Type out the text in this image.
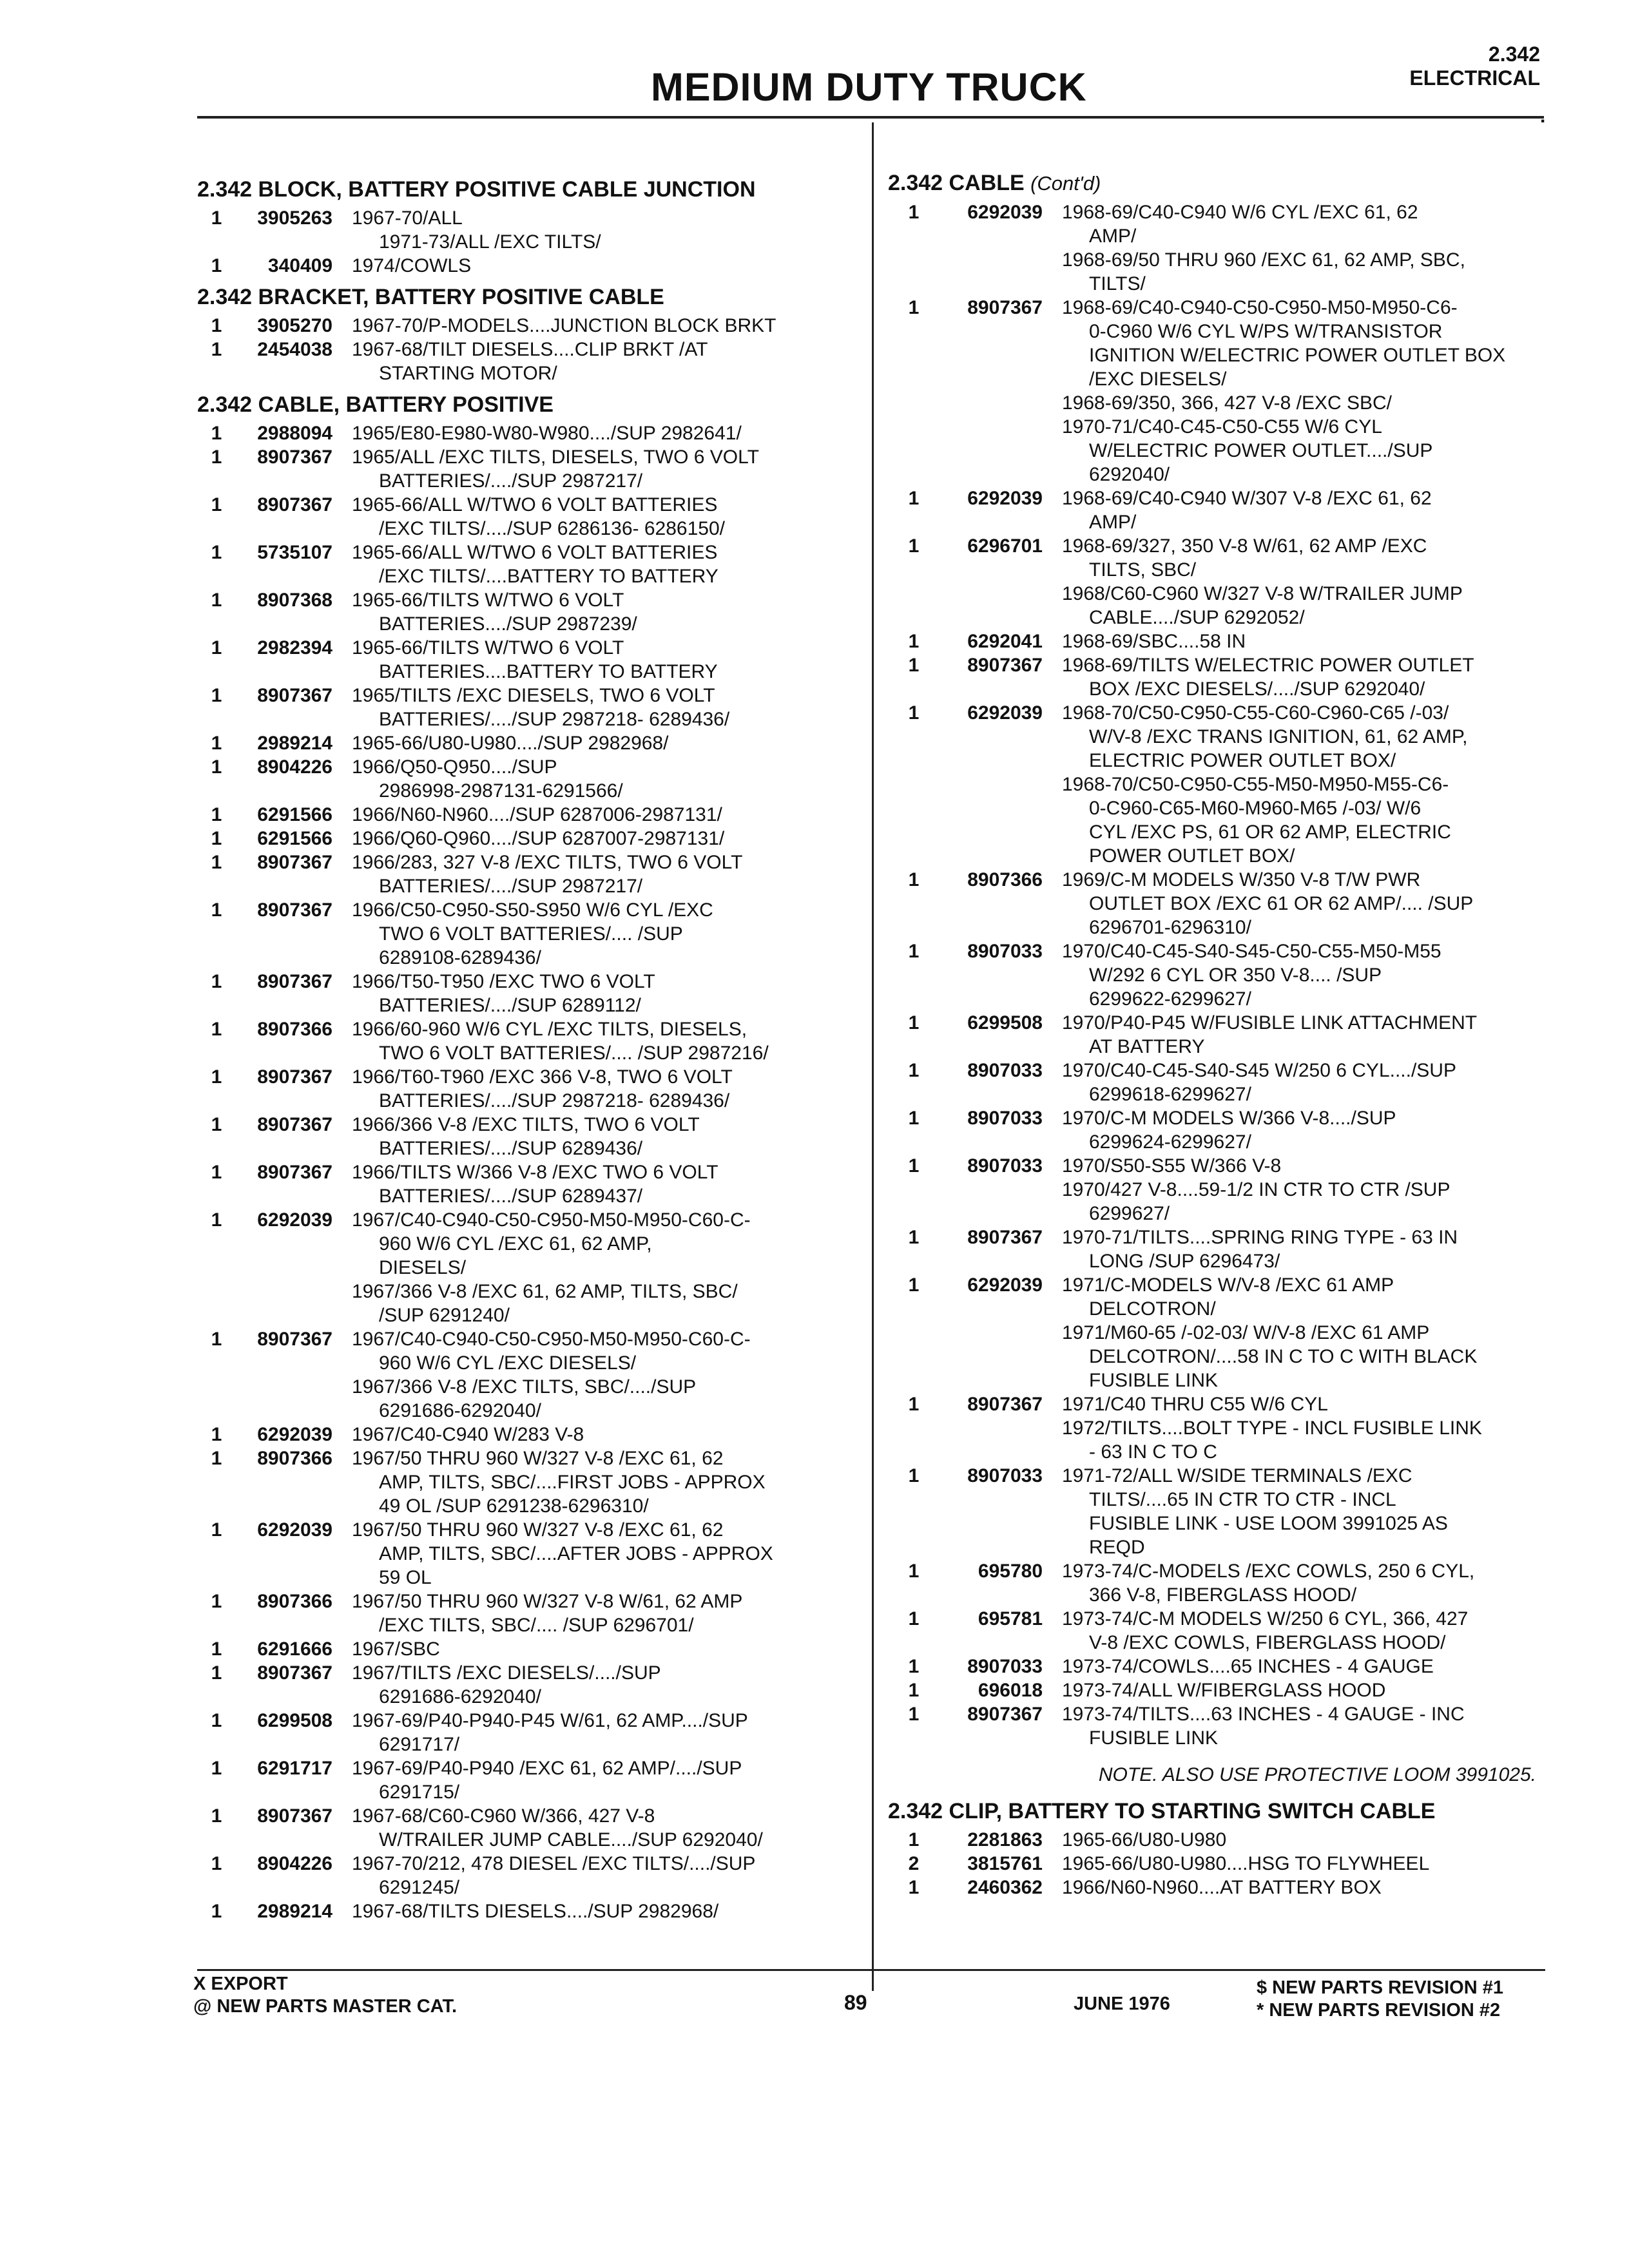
MEDIUM DUTY TRUCK
2.342
ELECTRICAL
.
2.342 BLOCK, BATTERY POSITIVE CABLE JUNCTION
1	3905263 1967-70/ALL
1971-73/ALL /EXC TILTS/
1	340409 1974/COWLS
2.342 BRACKET, BATTERY POSITIVE CABLE
1	3905270 1967-70/P-MODELS....JUNCTION BLOCK BRKT
1	2454038 1967-68/TILT DIESELS....CLIP BRKT /AT
STARTING MOTOR/
2.342 CABLE, BATTERY POSITIVE
1	2988094 1965/E80-E980-W80-W980..../SUP 2982641/
1	8907367 1965/ALL /EXC TILTS, DIESELS, TWO 6 VOLT
BATTERIES/..../SUP 2987217/
1	8907367 1965-66/ALL W/TWO 6 VOLT BATTERIES
/EXC TILTS/..../SUP 6286136- 6286150/
1	5735107 1965-66/ALL W/TWO 6 VOLT BATTERIES
/EXC TILTS/....BATTERY TO BATTERY
1	8907368 1965-66/TILTS W/TWO 6 VOLT
BATTERIES..../SUP 2987239/
1	2982394 1965-66/TILTS W/TWO 6 VOLT
BATTERIES....BATTERY TO BATTERY
1	8907367 1965/TILTS /EXC DIESELS, TWO 6 VOLT
BATTERIES/..../SUP 2987218- 6289436/
1	2989214 1965-66/U80-U980..../SUP 2982968/
1	8904226 1966/Q50-Q950..../SUP
2986998-2987131-6291566/
1	6291566 1966/N60-N960..../SUP 6287006-2987131/
1	6291566 1966/Q60-Q960..../SUP 6287007-2987131/
1	8907367 1966/283, 327 V-8 /EXC TILTS, TWO 6 VOLT
BATTERIES/..../SUP 2987217/
1	8907367 1966/C50-C950-S50-S950 W/6 CYL /EXC
TWO 6 VOLT BATTERIES/.... /SUP
6289108-6289436/
1	8907367 1966/T50-T950 /EXC TWO 6 VOLT
BATTERIES/..../SUP 6289112/
1	8907366 1966/60-960 W/6 CYL /EXC TILTS, DIESELS,
TWO 6 VOLT BATTERIES/.... /SUP 2987216/
1	8907367 1966/T60-T960 /EXC 366 V-8, TWO 6 VOLT
BATTERIES/..../SUP 2987218- 6289436/
1	8907367 1966/366 V-8 /EXC TILTS, TWO 6 VOLT
BATTERIES/..../SUP 6289436/
1	8907367 1966/TILTS W/366 V-8 /EXC TWO 6 VOLT
BATTERIES/..../SUP 6289437/
1	6292039 1967/C40-C940-C50-C950-M50-M950-C60-C-
960 W/6 CYL /EXC 61, 62 AMP,
DIESELS/
1967/366 V-8 /EXC 61, 62 AMP, TILTS, SBC/
/SUP 6291240/
1	8907367 1967/C40-C940-C50-C950-M50-M950-C60-C-
960 W/6 CYL /EXC DIESELS/
1967/366 V-8 /EXC TILTS, SBC/..../SUP
6291686-6292040/
1	6292039 1967/C40-C940 W/283 V-8
1	8907366 1967/50 THRU 960 W/327 V-8 /EXC 61, 62
AMP, TILTS, SBC/....FIRST JOBS - APPROX
49 OL /SUP 6291238-6296310/
1	6292039 1967/50 THRU 960 W/327 V-8 /EXC 61, 62
AMP, TILTS, SBC/....AFTER JOBS - APPROX
59 OL
1	8907366 1967/50 THRU 960 W/327 V-8 W/61, 62 AMP
/EXC TILTS, SBC/.... /SUP 6296701/
1	6291666 1967/SBC
1	8907367 1967/TILTS /EXC DIESELS/..../SUP
6291686-6292040/
1	6299508 1967-69/P40-P940-P45 W/61, 62 AMP..../SUP
6291717/
1	6291717 1967-69/P40-P940 /EXC 61, 62 AMP/..../SUP
6291715/
1	8907367 1967-68/C60-C960 W/366, 427 V-8
W/TRAILER JUMP CABLE..../SUP 6292040/
1	8904226 1967-70/212, 478 DIESEL /EXC TILTS/..../SUP
6291245/
1	2989214 1967-68/TILTS DIESELS..../SUP 2982968/
2.342 CABLE (Cont'd)
1	6292039 1968-69/C40-C940 W/6 CYL /EXC 61, 62
AMP/
1968-69/50 THRU 960 /EXC 61, 62 AMP, SBC,
TILTS/
1	8907367 1968-69/C40-C940-C50-C950-M50-M950-C6-
0-C960 W/6 CYL W/PS W/TRANSISTOR
IGNITION W/ELECTRIC POWER OUTLET BOX
/EXC DIESELS/
1968-69/350, 366, 427 V-8 /EXC SBC/
1970-71/C40-C45-C50-C55 W/6 CYL
W/ELECTRIC POWER OUTLET..../SUP
6292040/
1	6292039 1968-69/C40-C940 W/307 V-8 /EXC 61, 62
AMP/
1	6296701 1968-69/327, 350 V-8 W/61, 62 AMP /EXC
TILTS, SBC/
1968/C60-C960 W/327 V-8 W/TRAILER JUMP
CABLE..../SUP 6292052/
1	6292041 1968-69/SBC....58 IN
1	8907367 1968-69/TILTS W/ELECTRIC POWER OUTLET
BOX /EXC DIESELS/..../SUP 6292040/
1	6292039 1968-70/C50-C950-C55-C60-C960-C65 /-03/
W/V-8 /EXC TRANS IGNITION, 61, 62 AMP,
ELECTRIC POWER OUTLET BOX/
1968-70/C50-C950-C55-M50-M950-M55-C6-
0-C960-C65-M60-M960-M65 /-03/ W/6
CYL /EXC PS, 61 OR 62 AMP, ELECTRIC
POWER OUTLET BOX/
1	8907366 1969/C-M MODELS W/350 V-8 T/W PWR
OUTLET BOX /EXC 61 OR 62 AMP/.... /SUP
6296701-6296310/
1	8907033 1970/C40-C45-S40-S45-C50-C55-M50-M55
W/292 6 CYL OR 350 V-8.... /SUP
6299622-6299627/
1	6299508 1970/P40-P45 W/FUSIBLE LINK ATTACHMENT
AT BATTERY
1	8907033 1970/C40-C45-S40-S45 W/250 6 CYL..../SUP
6299618-6299627/
1	8907033 1970/C-M MODELS W/366 V-8..../SUP
6299624-6299627/
1	8907033 1970/S50-S55 W/366 V-8
1970/427 V-8....59-1/2 IN CTR TO CTR /SUP
6299627/
1	8907367 1970-71/TILTS....SPRING RING TYPE - 63 IN
LONG /SUP 6296473/
1	6292039 1971/C-MODELS W/V-8 /EXC 61 AMP
DELCOTRON/
1971/M60-65 /-02-03/ W/V-8 /EXC 61 AMP
DELCOTRON/....58 IN C TO C WITH BLACK
FUSIBLE LINK
1	8907367 1971/C40 THRU C55 W/6 CYL
1972/TILTS....BOLT TYPE - INCL FUSIBLE LINK
- 63 IN C TO C
1	8907033 1971-72/ALL W/SIDE TERMINALS /EXC
TILTS/....65 IN CTR TO CTR - INCL
FUSIBLE LINK - USE LOOM 3991025 AS
REQD
1	695780 1973-74/C-MODELS /EXC COWLS, 250 6 CYL,
366 V-8, FIBERGLASS HOOD/
1	695781 1973-74/C-M MODELS W/250 6 CYL, 366, 427
V-8 /EXC COWLS, FIBERGLASS HOOD/
1	8907033 1973-74/COWLS....65 INCHES - 4 GAUGE
1	696018 1973-74/ALL W/FIBERGLASS HOOD
1	8907367 1973-74/TILTS....63 INCHES - 4 GAUGE - INC
FUSIBLE LINK
NOTE. ALSO USE PROTECTIVE LOOM 3991025.
2.342 CLIP, BATTERY TO STARTING SWITCH CABLE
1	2281863 1965-66/U80-U980
2	3815761 1965-66/U80-U980....HSG TO FLYWHEEL
1	2460362 1966/N60-N960....AT BATTERY BOX
X EXPORT
@ NEW PARTS MASTER CAT.	89	JUNE 1976
$ NEW PARTS REVISION #1
* NEW PARTS REVISION #2
